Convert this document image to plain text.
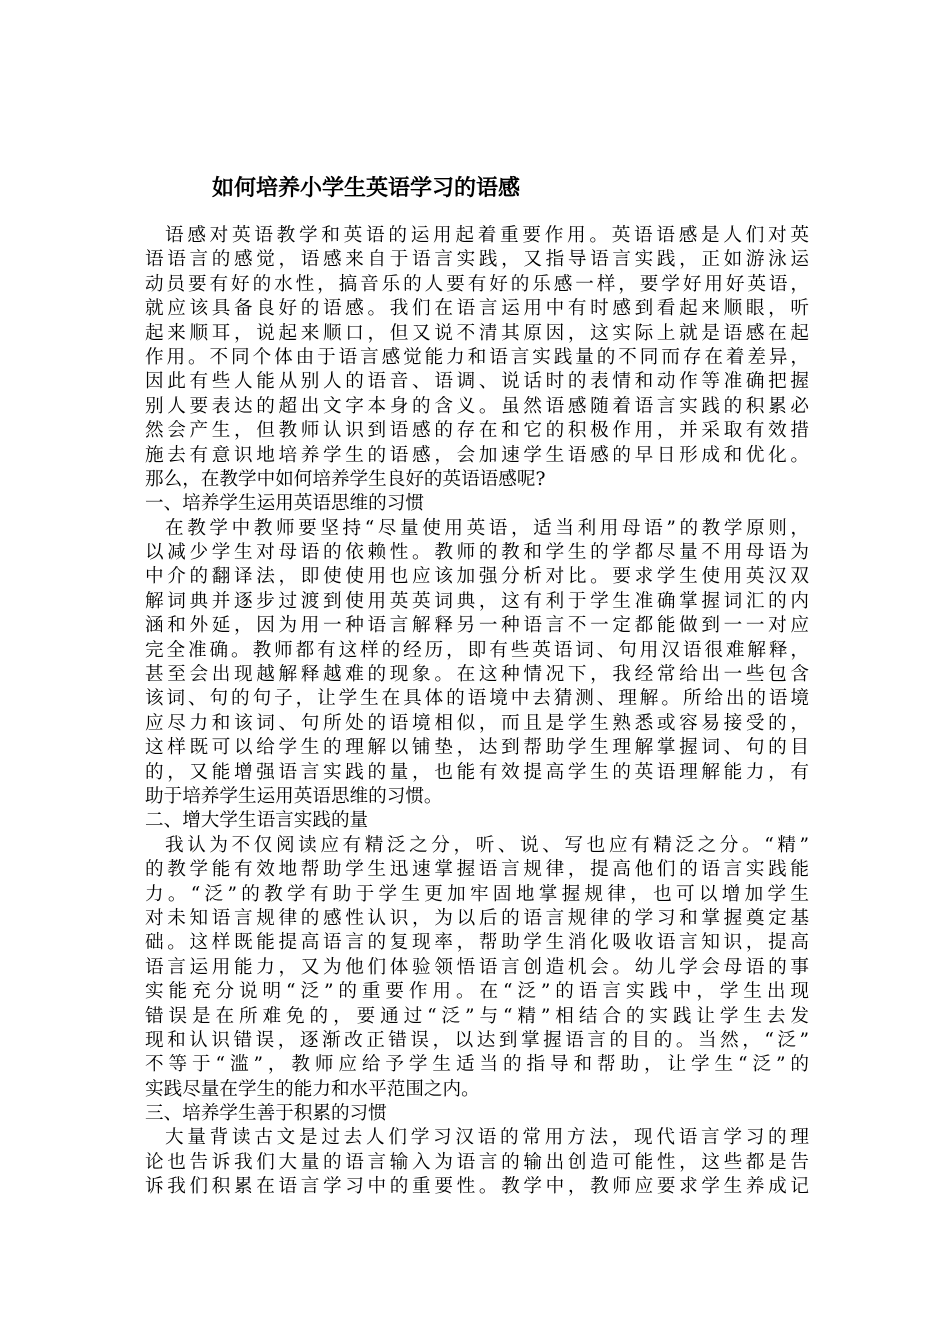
如何培养小学生英语学习的语感
语感对英语教学和英语的运用起着重要作用。英语语感是人们对英
语语言的感觉，语感来自于语言实践，又指导语言实践，正如游泳运
动员要有好的水性，搞音乐的人要有好的乐感一样，要学好用好英语，
就应该具备良好的语感。我们在语言运用中有时感到看起来顺眼，听
起来顺耳，说起来顺口，但又说不清其原因，这实际上就是语感在起
作用。不同个体由于语言感觉能力和语言实践量的不同而存在着差异，
因此有些人能从别人的语音、语调、说话时的表情和动作等准确把握
别人要表达的超出文字本身的含义。虽然语感随着语言实践的积累必
然会产生，但教师认识到语感的存在和它的积极作用，并采取有效措
施去有意识地培养学生的语感，会加速学生语感的早日形成和优化。
那么，在教学中如何培养学生良好的英语语感呢?
一、培养学生运用英语思维的习惯
在教学中教师要坚持“尽量使用英语，适当利用母语”的教学原则，
以减少学生对母语的依赖性。教师的教和学生的学都尽量不用母语为
中介的翻译法，即使使用也应该加强分析对比。要求学生使用英汉双
解词典并逐步过渡到使用英英词典，这有利于学生准确掌握词汇的内
涵和外延，因为用一种语言解释另一种语言不一定都能做到一一对应
完全准确。教师都有这样的经历，即有些英语词、句用汉语很难解释，
甚至会出现越解释越难的现象。在这种情况下，我经常给出一些包含
该词、句的句子，让学生在具体的语境中去猜测、理解。所给出的语境
应尽力和该词、句所处的语境相似，而且是学生熟悉或容易接受的，
这样既可以给学生的理解以铺垫，达到帮助学生理解掌握词、句的目
的，又能增强语言实践的量，也能有效提高学生的英语理解能力，有
助于培养学生运用英语思维的习惯。
二、增大学生语言实践的量
我认为不仅阅读应有精泛之分，听、说、写也应有精泛之分。“精”
的教学能有效地帮助学生迅速掌握语言规律，提高他们的语言实践能
力。“泛”的教学有助于学生更加牢固地掌握规律，也可以增加学生
对未知语言规律的感性认识，为以后的语言规律的学习和掌握奠定基
础。这样既能提高语言的复现率，帮助学生消化吸收语言知识，提高
语言运用能力，又为他们体验领悟语言创造机会。幼儿学会母语的事
实能充分说明“泛”的重要作用。在“泛”的语言实践中，学生出现
错误是在所难免的，要通过“泛”与“精”相结合的实践让学生去发
现和认识错误，逐渐改正错误，以达到掌握语言的目的。当然，“泛”
不等于“滥”，教师应给予学生适当的指导和帮助，让学生“泛”的
实践尽量在学生的能力和水平范围之内。
三、培养学生善于积累的习惯
大量背读古文是过去人们学习汉语的常用方法，现代语言学习的理
论也告诉我们大量的语言输入为语言的输出创造可能性，这些都是告
诉我们积累在语言学习中的重要性。教学中，教师应要求学生养成记
